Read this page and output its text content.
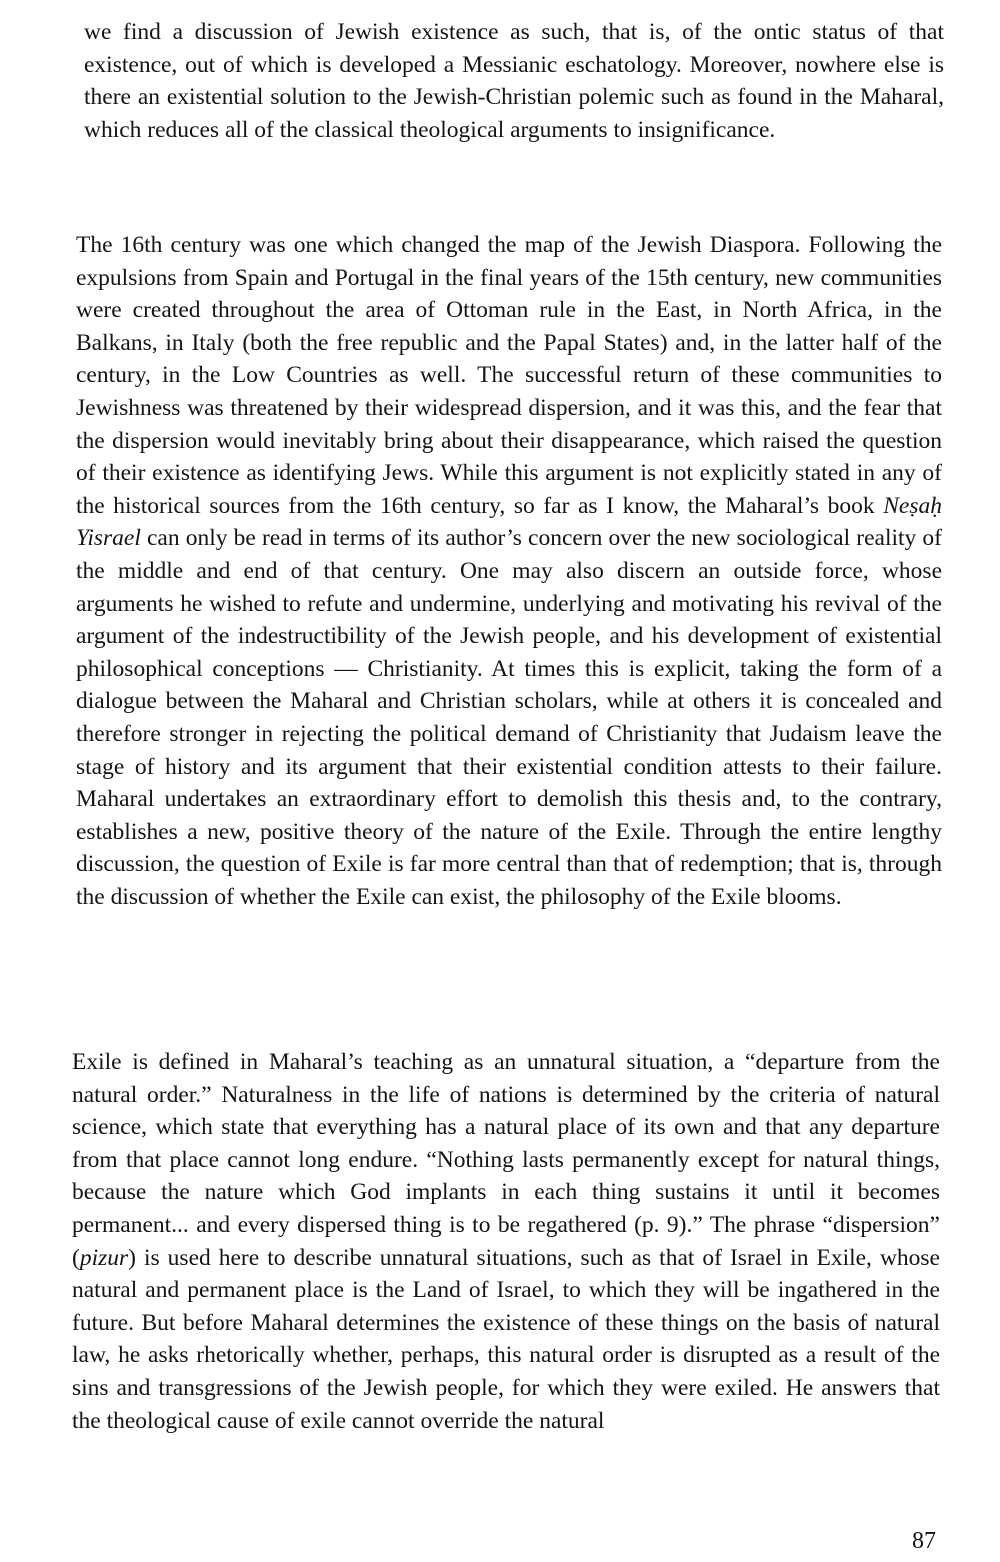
we find a discussion of Jewish existence as such, that is, of the ontic status of that existence, out of which is developed a Messianic eschatology. Moreover, nowhere else is there an existential solution to the Jewish-Christian polemic such as found in the Maharal, which reduces all of the classical theological arguments to insignificance.

The 16th century was one which changed the map of the Jewish Diaspora. Following the expulsions from Spain and Portugal in the final years of the 15th century, new communities were created throughout the area of Ottoman rule in the East, in North Africa, in the Balkans, in Italy (both the free republic and the Papal States) and, in the latter half of the century, in the Low Countries as well. The successful return of these communities to Jewishness was threatened by their widespread dispersion, and it was this, and the fear that the dispersion would inevitably bring about their disappearance, which raised the question of their existence as identifying Jews. While this argument is not explicitly stated in any of the historical sources from the 16th century, so far as I know, the Maharal’s book Neṣaḥ Yisrael can only be read in terms of its author’s concern over the new sociological reality of the middle and end of that century. One may also discern an outside force, whose arguments he wished to refute and undermine, underlying and motivating his revival of the argument of the indestructibility of the Jewish people, and his development of existential philosophical conceptions — Christianity. At times this is explicit, taking the form of a dialogue between the Maharal and Christian scholars, while at others it is concealed and therefore stronger in rejecting the political demand of Christianity that Judaism leave the stage of history and its argument that their existential condition attests to their failure. Maharal undertakes an extraordinary effort to demolish this thesis and, to the contrary, establishes a new, positive theory of the nature of the Exile. Through the entire lengthy discussion, the question of Exile is far more central than that of redemption; that is, through the discussion of whether the Exile can exist, the philosophy of the Exile blooms.

Exile is defined in Maharal’s teaching as an unnatural situation, a “departure from the natural order.” Naturalness in the life of nations is determined by the criteria of natural science, which state that everything has a natural place of its own and that any departure from that place cannot long endure. “Nothing lasts permanently except for natural things, because the nature which God implants in each thing sustains it until it becomes permanent... and every dispersed thing is to be regathered (p. 9).” The phrase “dispersion” (pizur) is used here to describe unnatural situations, such as that of Israel in Exile, whose natural and permanent place is the Land of Israel, to which they will be ingathered in the future. But before Maharal determines the existence of these things on the basis of natural law, he asks rhetorically whether, perhaps, this natural order is disrupted as a result of the sins and transgressions of the Jewish people, for which they were exiled. He answers that the theological cause of exile cannot override the natural

87
